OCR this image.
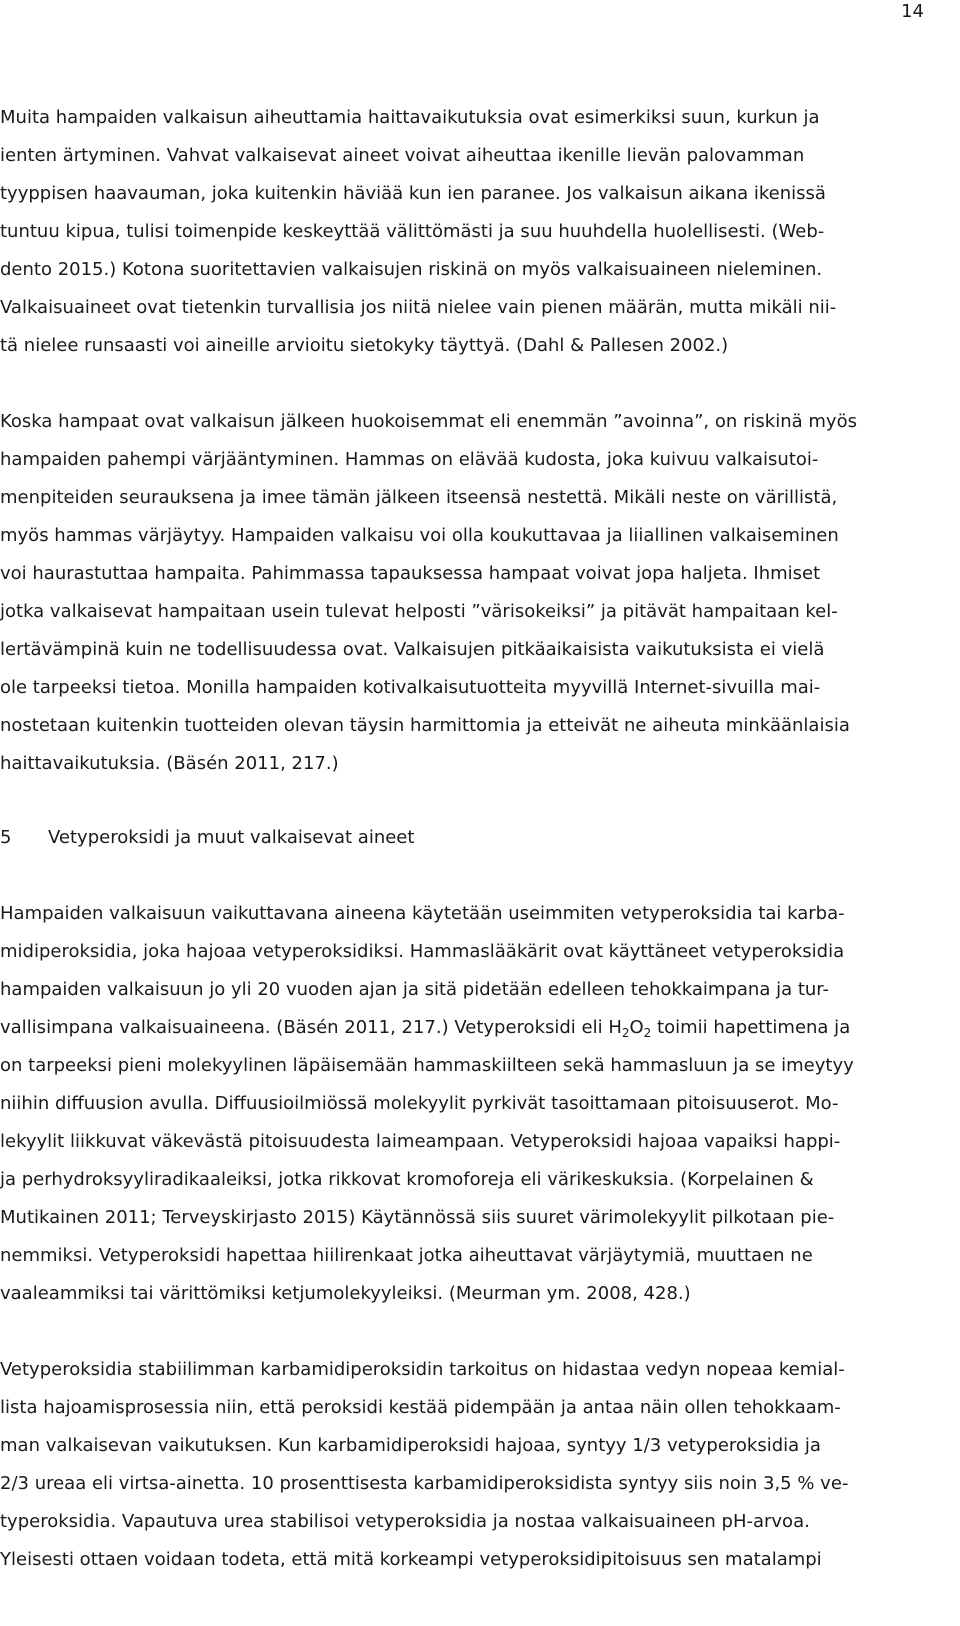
14

Muita hampaiden valkaisun aiheuttamia haittavaikutuksia ovat esimerkiksi suun, kurkun ja

ienten ärtyminen. Vahvat valkaisevat aineet voivat aiheuttaa ikenille lievän palovamman

tyyppisen haavauman, joka kuitenkin häviää kun ien paranee. Jos valkaisun aikana ikenissä

tuntuu kipua, tulisi toimenpide keskeyttää välittömästi ja suu huuhdella huolellisesti. (Web-

dento 2015.) Kotona suoritettavien valkaisujen riskinä on myös valkaisuaineen nieleminen.

Valkaisuaineet ovat tietenkin turvallisia jos niitä nielee vain pienen määrän, mutta mikäli nii-

tä nielee runsaasti voi aineille arvioitu sietokyky täyttyä. (Dahl & Pallesen 2002.)

Koska hampaat ovat valkaisun jälkeen huokoisemmat eli enemmän ”avoinna”, on riskinä myös

hampaiden pahempi värjääntyminen. Hammas on elävää kudosta, joka kuivuu valkaisutoi-

menpiteiden seurauksena ja imee tämän jälkeen itseensä nestettä. Mikäli neste on värillistä,

myös hammas värjäytyy. Hampaiden valkaisu voi olla koukuttavaa ja liiallinen valkaiseminen

voi haurastuttaa hampaita. Pahimmassa tapauksessa hampaat voivat jopa haljeta. Ihmiset

jotka valkaisevat hampaitaan usein tulevat helposti ”värisokeiksi” ja pitävät hampaitaan kel-

lertävämpinä kuin ne todellisuudessa ovat. Valkaisujen pitkäaikaisista vaikutuksista ei vielä

ole tarpeeksi tietoa. Monilla hampaiden kotivalkaisutuotteita myyvillä Internet-sivuilla mai-

nostetaan kuitenkin tuotteiden olevan täysin harmittomia ja etteivät ne aiheuta minkäänlaisia

haittavaikutuksia. (Bäsén 2011, 217.)

5 Vetyperoksidi ja muut valkaisevat aineet

Hampaiden valkaisuun vaikuttavana aineena käytetään useimmiten vetyperoksidia tai karba-

midiperoksidia, joka hajoaa vetyperoksidiksi. Hammaslääkärit ovat käyttäneet vetyperoksidia

hampaiden valkaisuun jo yli 20 vuoden ajan ja sitä pidetään edelleen tehokkaimpana ja tur-

vallisimpana valkaisuaineena. (Bäsén 2011, 217.) Vetyperoksidi eli $H_2O_2$ toimii hapettimena ja

on tarpeeksi pieni molekyylinen läpäisemään hammaskiilteen sekä hammasluun ja se imeytyy

niihin diffuusion avulla. Diffuusioilmiössä molekyylit pyrkivät tasoittamaan pitoisuuserot. Mo-

lekyylit liikkuvat väkevästä pitoisuudesta laimeampaan. Vetyperoksidi hajoaa vapaiksi happi-

ja perhydroksyyliradikaaleiksi, jotka rikkovat kromoforeja eli värikeskuksia. (Korpelainen &

Mutikainen 2011; Terveyskirjasto 2015) Käytännössä siis suuret värimolekyylit pilkotaan pie-

nemmiksi. Vetyperoksidi hapettaa hiilirenkaat jotka aiheuttavat värjäytymiä, muuttaen ne

vaaleammiksi tai värittömiksi ketjumolekyyleiksi. (Meurman ym. 2008, 428.)

Vetyperoksidia stabiilimman karbamidiperoksidin tarkoitus on hidastaa vedyn nopeaa kemial-

lista hajoamisprosessia niin, että peroksidi kestää pidempään ja antaa näin ollen tehokkaam-

man valkaisevan vaikutuksen. Kun karbamidiperoksidi hajoaa, syntyy 1/3 vetyperoksidia ja

2/3 ureaa eli virtsa-ainetta. 10 prosenttisesta karbamidiperoksidista syntyy siis noin 3,5 % ve-

typeroksidia. Vapautuva urea stabilisoi vetyperoksidia ja nostaa valkaisuaineen pH-arvoa.

Yleisesti ottaen voidaan todeta, että mitä korkeampi vetyperoksidipitoisuus sen matalampi
